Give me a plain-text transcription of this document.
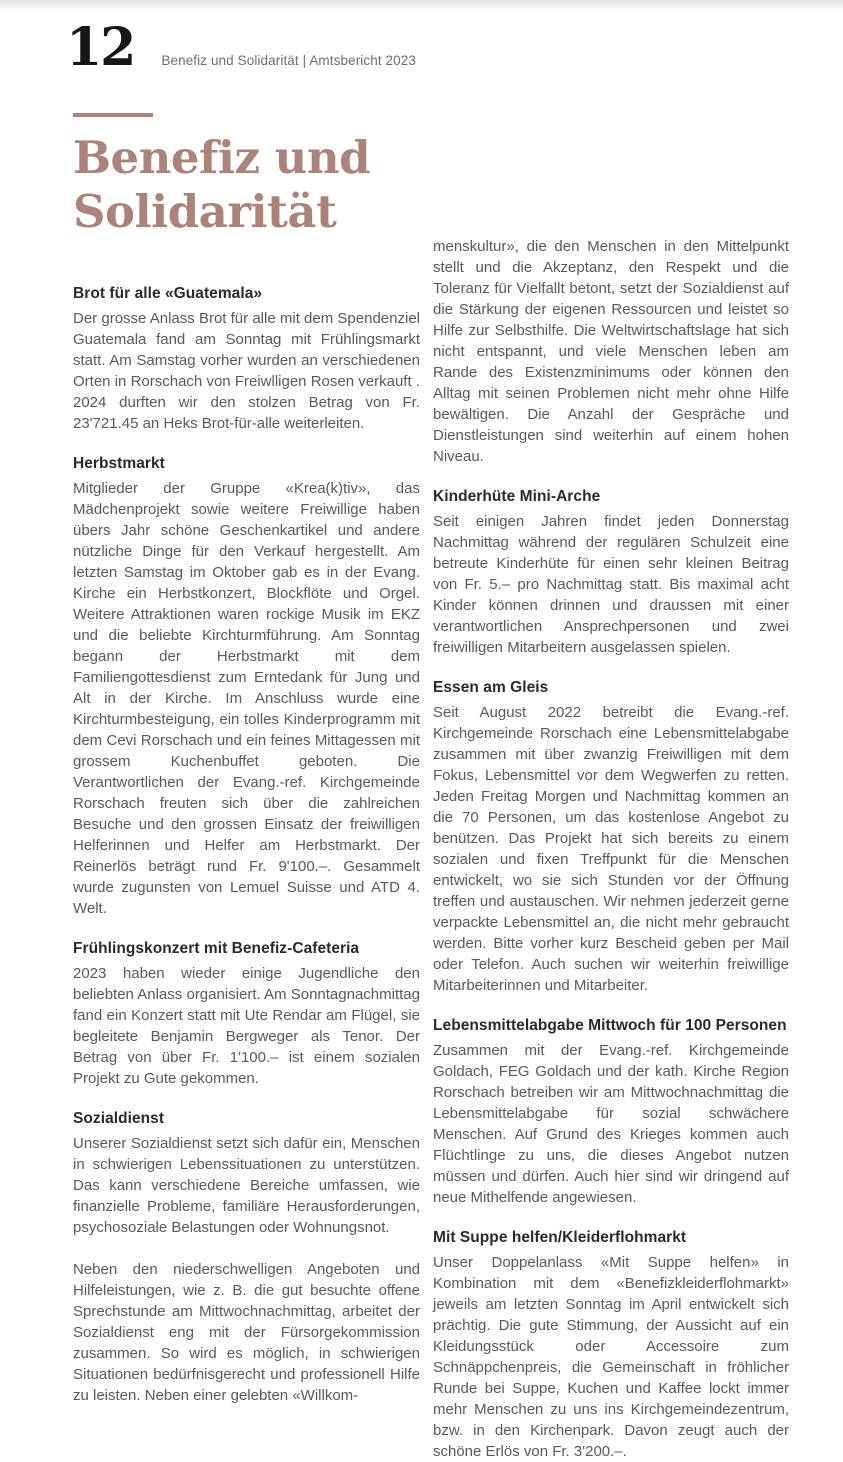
12 Benefiz und Solidarität | Amtsbericht 2023
Benefiz und
Solidarität
Brot für alle «Guatemala»

Der grosse Anlass Brot für alle mit dem Spendenziel Guatemala fand am Sonntag mit Frühlingsmarkt statt. Am Samstag vorher wurden an verschiedenen Orten in Rorschach von Freiwlligen Rosen verkauft . 2024 durften wir den stolzen Betrag von Fr. 23'721.45 an Heks Brot-für-alle weiterleiten.

Herbstmarkt

Mitglieder der Gruppe «Krea(k)tiv», das Mädchenprojekt sowie weitere Freiwillige haben übers Jahr schöne Geschenkartikel und andere nützliche Dinge für den Verkauf hergestellt. Am letzten Samstag im Oktober gab es in der Evang. Kirche ein Herbstkonzert, Blockflöte und Orgel. Weitere Attraktionen waren rockige Musik im EKZ und die beliebte Kirchturmführung. Am Sonntag begann der Herbstmarkt mit dem Familiengottesdienst zum Erntedank für Jung und Alt in der Kirche. Im Anschluss wurde eine Kirchturmbesteigung, ein tolles Kinderprogramm mit dem Cevi Rorschach und ein feines Mittagessen mit grossem Kuchenbuffet geboten. Die Verantwortlichen der Evang.-ref. Kirchgemeinde Rorschach freuten sich über die zahlreichen Besuche und den grossen Einsatz der freiwilligen Helferinnen und Helfer am Herbstmarkt. Der Reinerlös beträgt rund Fr. 9'100.–. Gesammelt wurde zugunsten von Lemuel Suisse und ATD 4. Welt.

Frühlingskonzert mit Benefiz-Cafeteria

2023 haben wieder einige Jugendliche den beliebten Anlass organisiert. Am Sonntagnachmittag fand ein Konzert statt mit Ute Rendar am Flügel, sie begleitete Benjamin Bergweger als Tenor. Der Betrag von über Fr. 1'100.– ist einem sozialen Projekt zu Gute gekommen.

Sozialdienst

Unserer Sozialdienst setzt sich dafür ein, Menschen in schwierigen Lebenssituationen zu unterstützen. Das kann verschiedene Bereiche umfassen, wie finanzielle Probleme, familiäre Herausforderungen, psychosoziale Belastungen oder Wohnungsnot.

Neben den niederschwelligen Angeboten und Hilfeleistungen, wie z. B. die gut besuchte offene Sprechstunde am Mittwochnachmittag, arbeitet der Sozialdienst eng mit der Fürsorgekommission zusammen. So wird es möglich, in schwierigen Situationen bedürfnisgerecht und professionell Hilfe zu leisten. Neben einer gelebten «Willkom-

menskultur», die den Menschen in den Mittelpunkt stellt und die Akzeptanz, den Respekt und die Toleranz für Vielfallt betont, setzt der Sozialdienst auf die Stärkung der eigenen Ressourcen und leistet so Hilfe zur Selbsthilfe. Die Weltwirtschaftslage hat sich nicht entspannt, und viele Menschen leben am Rande des Existenzminimums oder können den Alltag mit seinen Problemen nicht mehr ohne Hilfe bewältigen. Die Anzahl der Gespräche und Dienstleistungen sind weiterhin auf einem hohen Niveau.

Kinderhüte Mini-Arche

Seit einigen Jahren findet jeden Donnerstag Nachmittag während der regulären Schulzeit eine betreute Kinderhüte für einen sehr kleinen Beitrag von Fr. 5.– pro Nachmittag statt. Bis maximal acht Kinder können drinnen und draussen mit einer verantwortlichen Ansprechpersonen und zwei freiwilligen Mitarbeitern ausgelassen spielen.

Essen am Gleis

Seit August 2022 betreibt die Evang.-ref. Kirchgemeinde Rorschach eine Lebensmittelabgabe zusammen mit über zwanzig Freiwilligen mit dem Fokus, Lebensmittel vor dem Wegwerfen zu retten. Jeden Freitag Morgen und Nachmittag kommen an die 70 Personen, um das kostenlose Angebot zu benützen. Das Projekt hat sich bereits zu einem sozialen und fixen Treffpunkt für die Menschen entwickelt, wo sie sich Stunden vor der Öffnung treffen und austauschen. Wir nehmen jederzeit gerne verpackte Lebensmittel an, die nicht mehr gebraucht werden. Bitte vorher kurz Bescheid geben per Mail oder Telefon. Auch suchen wir weiterhin freiwillige Mitarbeiterinnen und Mitarbeiter.

Lebensmittelabgabe Mittwoch für 100 Personen

Zusammen mit der Evang.-ref. Kirchgemeinde Goldach, FEG Goldach und der kath. Kirche Region Rorschach betreiben wir am Mittwochnachmittag die Lebensmittelabgabe für sozial schwächere Menschen. Auf Grund des Krieges kommen auch Flüchtlinge zu uns, die dieses Angebot nutzen müssen und dürfen. Auch hier sind wir dringend auf neue Mithelfende angewiesen.

Mit Suppe helfen/Kleiderflohmarkt

Unser Doppelanlass «Mit Suppe helfen» in Kombination mit dem «Benefizkleiderflohmarkt» jeweils am letzten Sonntag im April entwickelt sich prächtig. Die gute Stimmung, der Aussicht auf ein Kleidungsstück oder Accessoire zum Schnäppchenpreis, die Gemeinschaft in fröhlicher Runde bei Suppe, Kuchen und Kaffee lockt immer mehr Menschen zu uns ins Kirchgemeindezentrum, bzw. in den Kirchenpark. Davon zeugt auch der schöne Erlös von Fr. 3'200.–.
